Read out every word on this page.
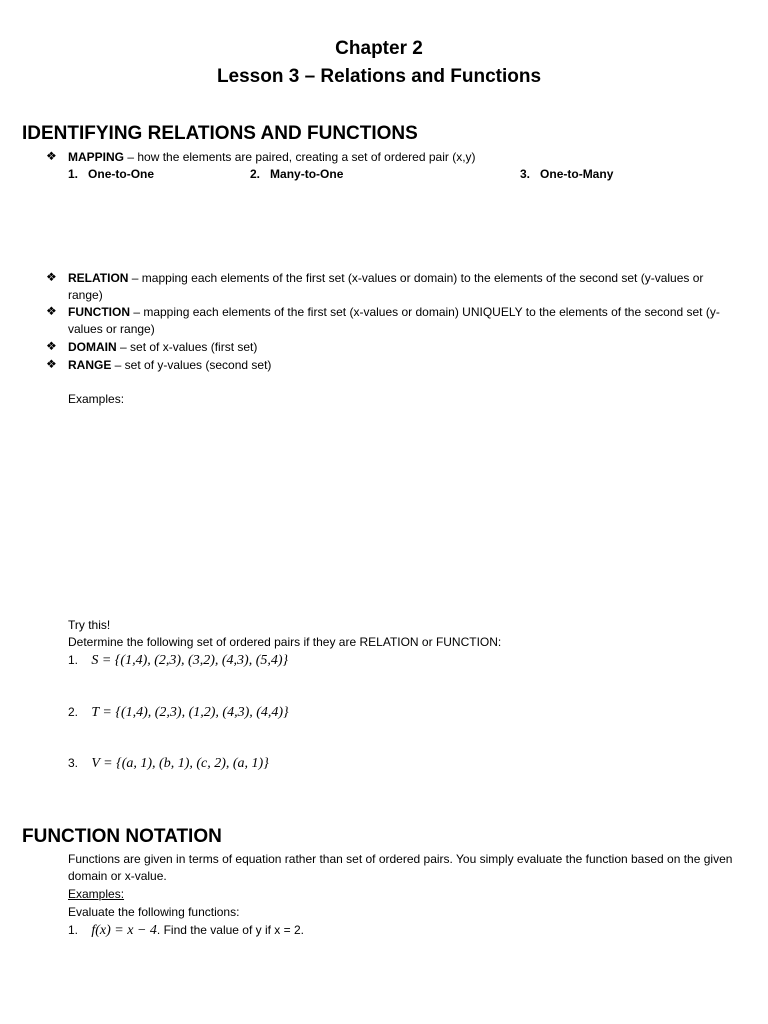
Chapter 2
Lesson 3 – Relations and Functions
IDENTIFYING RELATIONS AND FUNCTIONS
❖ MAPPING – how the elements are paired, creating a set of ordered pair (x,y)
1. One-to-One	2. Many-to-One	3. One-to-Many
❖ RELATION – mapping each elements of the first set (x-values or domain) to the elements of the second set (y-values or range)
❖ FUNCTION – mapping each elements of the first set (x-values or domain) UNIQUELY to the elements of the second set (y-values or range)
❖ DOMAIN – set of x-values (first set)
❖ RANGE – set of y-values (second set)
Examples:
Try this!
Determine the following set of ordered pairs if they are RELATION or FUNCTION:
1. S = {(1,4), (2,3), (3,2), (4,3), (5,4)}
2. T = {(1,4), (2,3), (1,2), (4,3), (4,4)}
3. V = {(a, 1), (b, 1), (c, 2), (a, 1)}
FUNCTION NOTATION
Functions are given in terms of equation rather than set of ordered pairs. You simply evaluate the function based on the given domain or x-value.
Examples:
Evaluate the following functions:
1. f(x) = x − 4. Find the value of y if x = 2.
